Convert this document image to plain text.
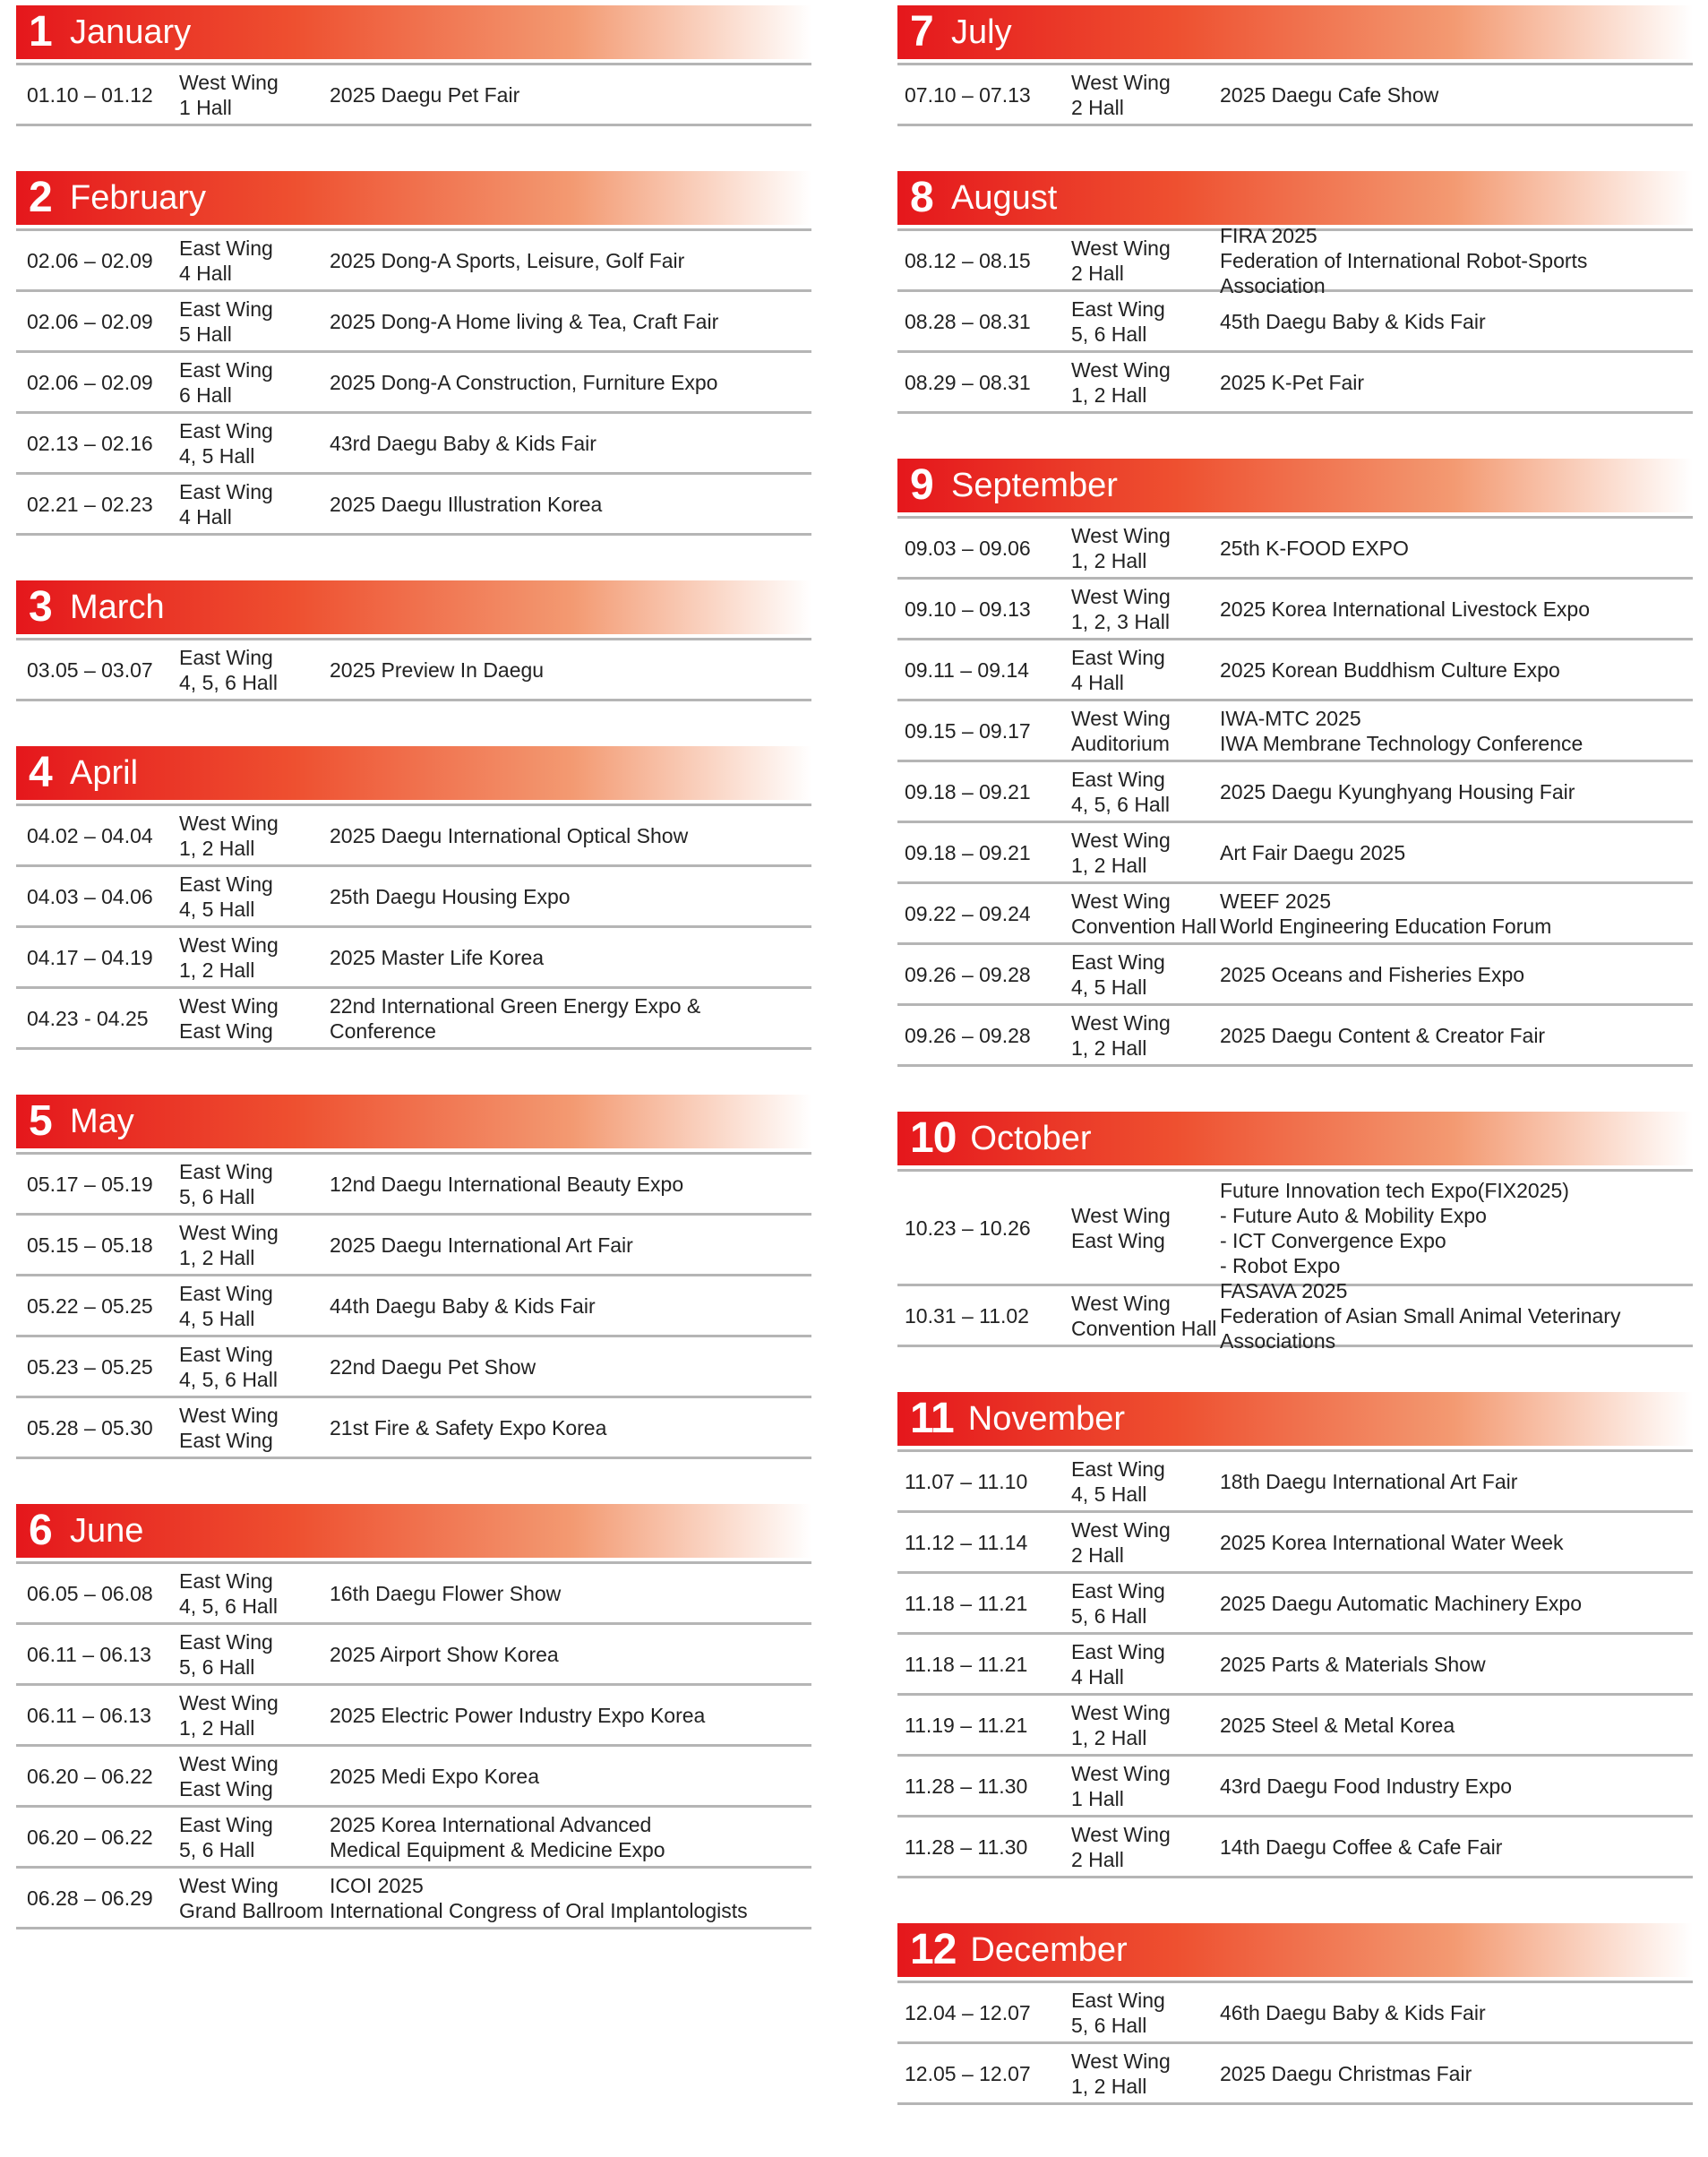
1 January
01.10 – 01.12
West Wing
1 Hall
2025 Daegu Pet Fair
2 February
02.06 – 02.09
East Wing
4 Hall
2025 Dong-A Sports, Leisure, Golf Fair
02.06 – 02.09
East Wing
5 Hall
2025 Dong-A Home living & Tea, Craft Fair
02.06 – 02.09
East Wing
6 Hall
2025 Dong-A Construction, Furniture Expo
02.13 – 02.16
East Wing
4, 5 Hall
43rd Daegu Baby & Kids Fair
02.21 – 02.23
East Wing
4 Hall
2025 Daegu Illustration Korea
3 March
03.05 – 03.07
East Wing
4, 5, 6 Hall
2025 Preview In Daegu
4 April
04.02 – 04.04
West Wing
1, 2 Hall
2025 Daegu International Optical Show
04.03 – 04.06
East Wing
4, 5 Hall
25th Daegu Housing Expo
04.17 – 04.19
West Wing
1, 2 Hall
2025 Master Life Korea
04.23 - 04.25
West Wing
East Wing
22nd International Green Energy Expo &
Conference
5 May
05.17 – 05.19
East Wing
5, 6 Hall
12nd Daegu International Beauty Expo
05.15 – 05.18
West Wing
1, 2 Hall
2025 Daegu International Art Fair
05.22 – 05.25
East Wing
4, 5 Hall
44th Daegu Baby & Kids Fair
05.23 – 05.25
East Wing
4, 5, 6 Hall
22nd Daegu Pet Show
05.28 – 05.30
West Wing
East Wing
21st Fire & Safety Expo Korea
6 June
06.05 – 06.08
East Wing
4, 5, 6 Hall
16th Daegu Flower Show
06.11 – 06.13
East Wing
5, 6 Hall
2025 Airport Show Korea
06.11 – 06.13
West Wing
1, 2 Hall
2025 Electric Power Industry Expo Korea
06.20 – 06.22
West Wing
East Wing
2025 Medi Expo Korea
06.20 – 06.22
East Wing
5, 6 Hall
2025 Korea International Advanced
Medical Equipment & Medicine Expo
06.28 – 06.29
West Wing
Grand Ballroom
ICOI 2025
International Congress of Oral Implantologists
7 July
07.10 – 07.13
West Wing
2 Hall
2025 Daegu Cafe Show
8 August
08.12 – 08.15
West Wing
2 Hall
FIRA 2025
Federation of International Robot-Sports Association
08.28 – 08.31
East Wing
5, 6 Hall
45th Daegu Baby & Kids Fair
08.29 – 08.31
West Wing
1, 2 Hall
2025 K-Pet Fair
9 September
09.03 – 09.06
West Wing
1, 2 Hall
25th K-FOOD EXPO
09.10 – 09.13
West Wing
1, 2, 3 Hall
2025 Korea International Livestock Expo
09.11 – 09.14
East Wing
4 Hall
2025 Korean Buddhism Culture Expo
09.15 – 09.17
West Wing
Auditorium
IWA-MTC 2025
IWA Membrane Technology Conference
09.18 – 09.21
East Wing
4, 5, 6 Hall
2025 Daegu Kyunghyang Housing Fair
09.18 – 09.21
West Wing
1, 2 Hall
Art Fair Daegu 2025
09.22 – 09.24
West Wing
Convention Hall
WEEF 2025
World Engineering Education Forum
09.26 – 09.28
East Wing
4, 5 Hall
2025 Oceans and Fisheries Expo
09.26 – 09.28
West Wing
1, 2 Hall
2025 Daegu Content & Creator Fair
10 October
10.23 – 10.26
West Wing
East Wing
Future Innovation tech Expo(FIX2025)
- Future Auto & Mobility Expo
- ICT Convergence Expo
- Robot Expo
10.31 – 11.02
West Wing
Convention Hall
FASAVA 2025
Federation of Asian Small Animal Veterinary Associations
11 November
11.07 – 11.10
East Wing
4, 5 Hall
18th Daegu International Art Fair
11.12 – 11.14
West Wing
2 Hall
2025 Korea International Water Week
11.18 – 11.21
East Wing
5, 6 Hall
2025 Daegu Automatic Machinery Expo
11.18 – 11.21
East Wing
4 Hall
2025 Parts & Materials Show
11.19 – 11.21
West Wing
1, 2 Hall
2025 Steel & Metal Korea
11.28 – 11.30
West Wing
1 Hall
43rd Daegu Food Industry Expo
11.28 – 11.30
West Wing
2 Hall
14th Daegu Coffee & Cafe Fair
12 December
12.04 – 12.07
East Wing
5, 6 Hall
46th Daegu Baby & Kids Fair
12.05 – 12.07
West Wing
1, 2 Hall
2025 Daegu Christmas Fair
